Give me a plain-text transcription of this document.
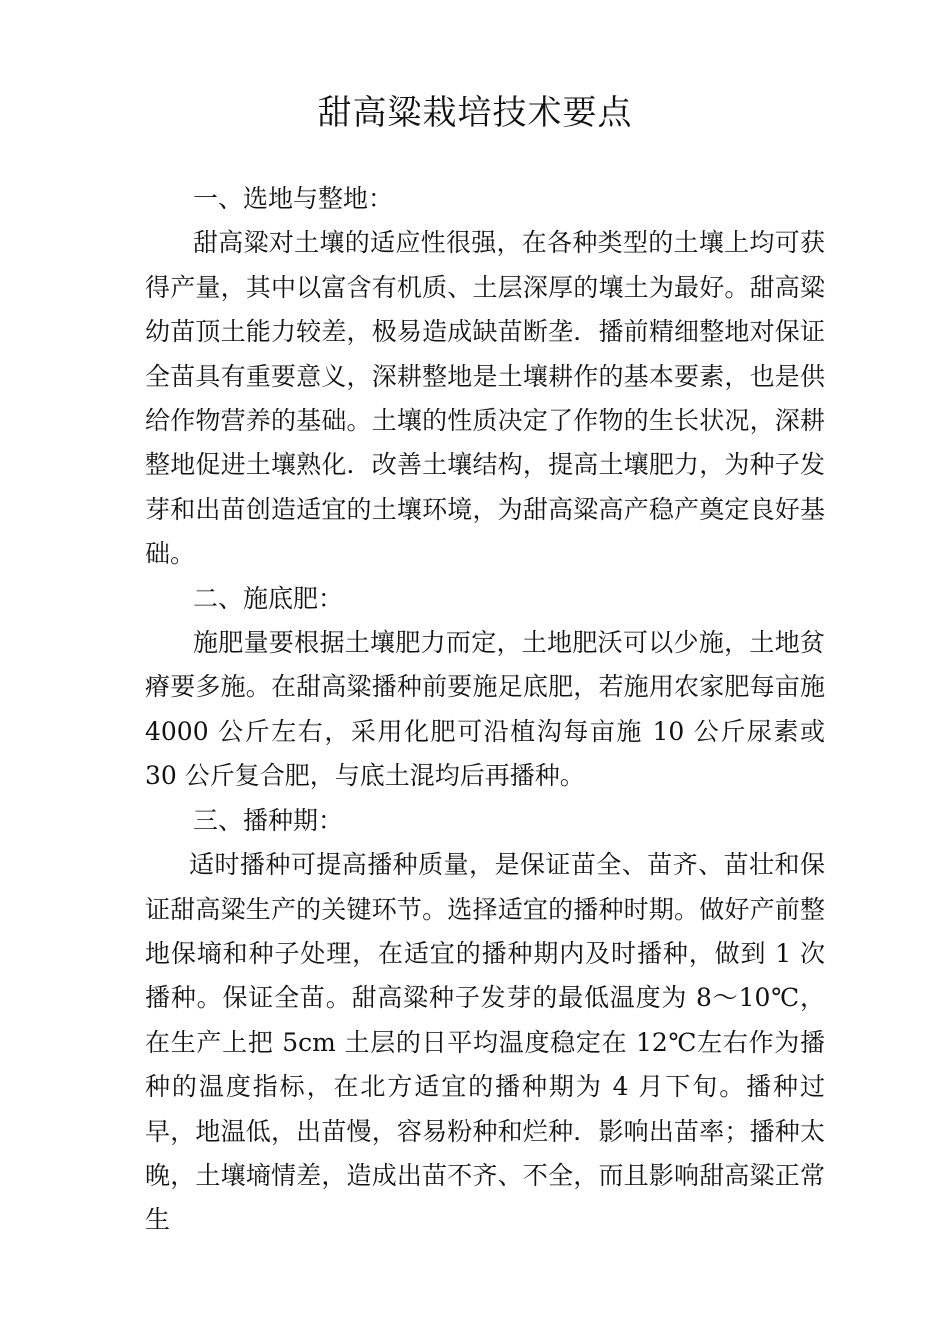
甜高粱栽培技术要点

一、选地与整地：

甜高粱对土壤的适应性很强，在各种类型的土壤上均可获得产量，其中以富含有机质、土层深厚的壤土为最好。甜高粱幼苗顶土能力较差，极易造成缺苗断垄．播前精细整地对保证全苗具有重要意义，深耕整地是土壤耕作的基本要素，也是供给作物营养的基础。土壤的性质决定了作物的生长状况，深耕整地促进土壤熟化．改善土壤结构，提高土壤肥力，为种子发芽和出苗创造适宜的土壤环境，为甜高粱高产稳产奠定良好基础。

二、施底肥：

施肥量要根据土壤肥力而定，土地肥沃可以少施，土地贫瘠要多施。在甜高粱播种前要施足底肥，若施用农家肥每亩施 4000 公斤左右，采用化肥可沿植沟每亩施 10 公斤尿素或 30 公斤复合肥，与底土混均后再播种。

三、播种期：

适时播种可提高播种质量，是保证苗全、苗齐、苗壮和保证甜高粱生产的关键环节。选择适宜的播种时期。做好产前整地保墒和种子处理，在适宜的播种期内及时播种，做到 1 次播种。保证全苗。甜高粱种子发芽的最低温度为 8～10℃，在生产上把 5cm 土层的日平均温度稳定在 12℃左右作为播种的温度指标，在北方适宜的播种期为 4 月下旬。播种过早，地温低，出苗慢，容易粉种和烂种．影响出苗率；播种太晚，土壤墒情差，造成出苗不齐、不全，而且影响甜高粱正常生
